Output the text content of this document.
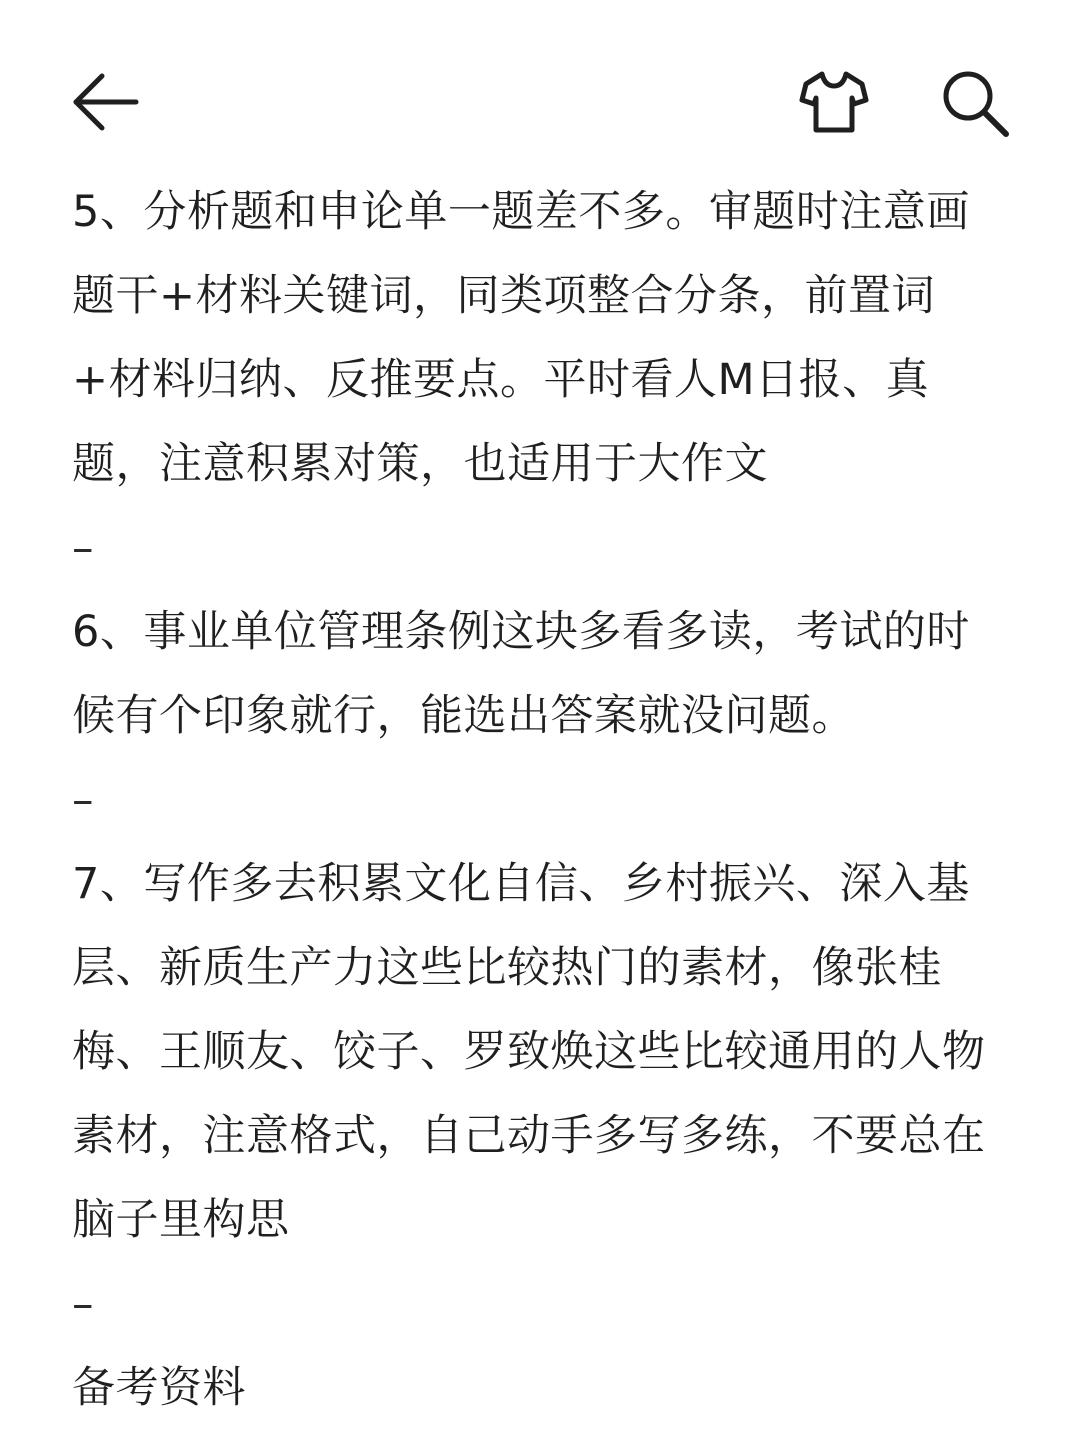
5、分析题和申论单一题差不多。审题时注意画题干+材料关键词，同类项整合分条，前置词+材料归纳、反推要点。平时看人M日报、真题，注意积累对策，也适用于大作文

–

6、事业单位管理条例这块多看多读，考试的时候有个印象就行，能选出答案就没问题。

–

7、写作多去积累文化自信、乡村振兴、深入基层、新质生产力这些比较热门的素材，像张桂梅、王顺友、饺子、罗致焕这些比较通用的人物素材，注意格式，自己动手多写多练，不要总在脑子里构思

–

备考资料
